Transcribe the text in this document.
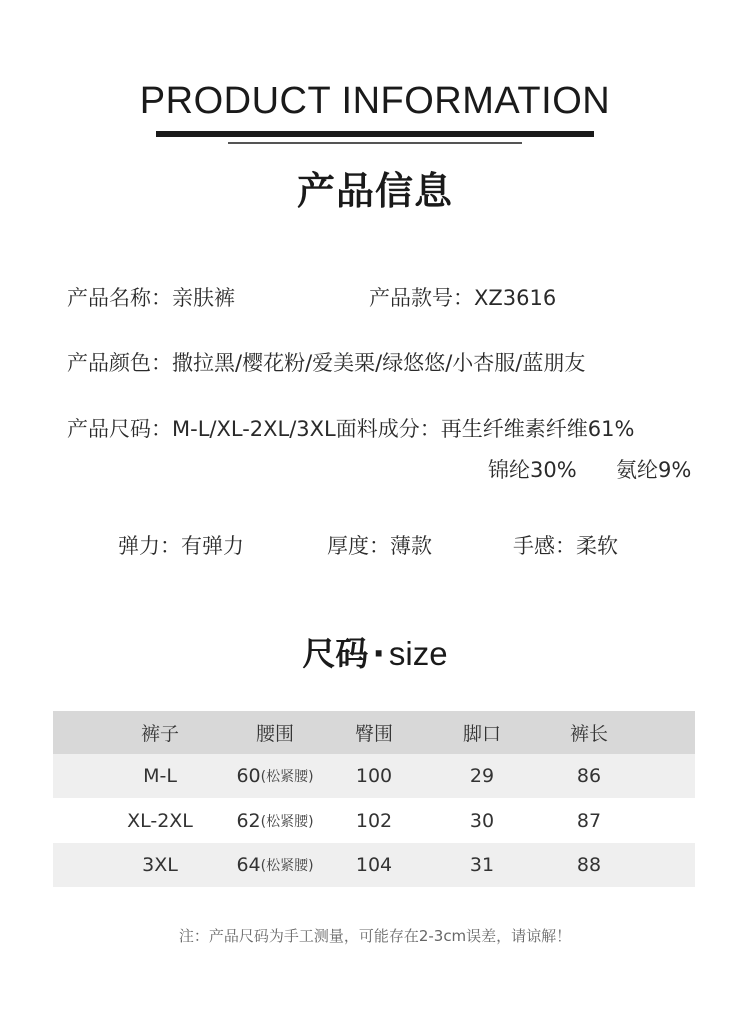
PRODUCT INFORMATION
产品信息
产品名称：亲肤裤	产品款号：XZ3616
产品颜色：撒拉黑/樱花粉/爱美栗/绿悠悠/小杏服/蓝朋友
产品尺码：M-L/XL-2XL/3XL面料成分：再生纤维素纤维61%
锦纶30% 氨纶9%
弹力：有弹力	厚度：薄款	手感：柔软
尺码 · size
裤子	腰围	臀围	脚口	裤长
M-L	60 (松紧腰)	100	29	86
XL-2XL	62 (松紧腰)	102	30	87
3XL	64 (松紧腰)	104	31	88
注：产品尺码为手工测量，可能存在2-3cm误差，请谅解！
